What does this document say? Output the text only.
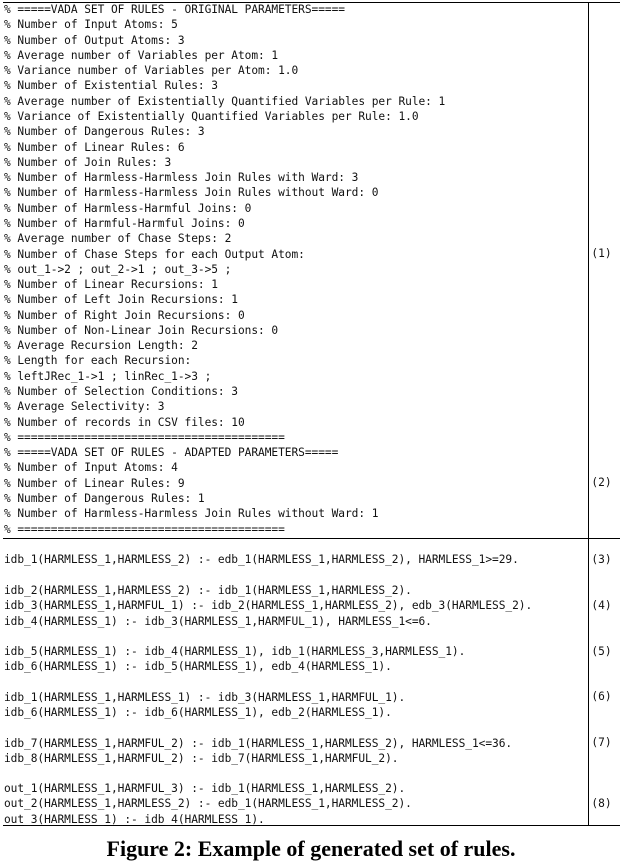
% =====VADA SET OF RULES - ORIGINAL PARAMETERS=====
% Number of Input Atoms: 5
% Number of Output Atoms: 3
% Average number of Variables per Atom: 1
% Variance number of Variables per Atom: 1.0
% Number of Existential Rules: 3
% Average number of Existentially Quantified Variables per Rule: 1
% Variance of Existentially Quantified Variables per Rule: 1.0
% Number of Dangerous Rules: 3
% Number of Linear Rules: 6
% Number of Join Rules: 3
% Number of Harmless-Harmless Join Rules with Ward: 3
% Number of Harmless-Harmless Join Rules without Ward: 0
% Number of Harmless-Harmful Joins: 0
% Number of Harmful-Harmful Joins: 0
% Average number of Chase Steps: 2
% Number of Chase Steps for each Output Atom:
% out_1->2 ; out_2->1 ; out_3->5 ;
% Number of Linear Recursions: 1
% Number of Left Join Recursions: 1
% Number of Right Join Recursions: 0
% Number of Non-Linear Join Recursions: 0
% Average Recursion Length: 2
% Length for each Recursion:
% leftJRec_1->1 ; linRec_1->3 ;
% Number of Selection Conditions: 3
% Average Selectivity: 3
% Number of records in CSV files: 10
% ========================================
% =====VADA SET OF RULES - ADAPTED PARAMETERS=====
% Number of Input Atoms: 4
% Number of Linear Rules: 9
% Number of Dangerous Rules: 1
% Number of Harmless-Harmless Join Rules without Ward: 1
% ========================================
idb_1(HARMLESS_1,HARMLESS_2) :- edb_1(HARMLESS_1,HARMLESS_2), HARMLESS_1>=29.
idb_2(HARMLESS_1,HARMLESS_2) :- idb_1(HARMLESS_1,HARMLESS_2).
idb_3(HARMLESS_1,HARMFUL_1) :- idb_2(HARMLESS_1,HARMLESS_2), edb_3(HARMLESS_2).
idb_4(HARMLESS_1) :- idb_3(HARMLESS_1,HARMFUL_1), HARMLESS_1<=6.
idb_5(HARMLESS_1) :- idb_4(HARMLESS_1), idb_1(HARMLESS_3,HARMLESS_1).
idb_6(HARMLESS_1) :- idb_5(HARMLESS_1), edb_4(HARMLESS_1).
idb_1(HARMLESS_1,HARMLESS_1) :- idb_3(HARMLESS_1,HARMFUL_1).
idb_6(HARMLESS_1) :- idb_6(HARMLESS_1), edb_2(HARMLESS_1).
idb_7(HARMLESS_1,HARMFUL_2) :- idb_1(HARMLESS_1,HARMLESS_2), HARMLESS_1<=36.
idb_8(HARMLESS_1,HARMFUL_2) :- idb_7(HARMLESS_1,HARMFUL_2).
out_1(HARMLESS_1,HARMFUL_3) :- idb_1(HARMLESS_1,HARMLESS_2).
out_2(HARMLESS_1,HARMLESS_2) :- edb_1(HARMLESS_1,HARMLESS_2).
out_3(HARMLESS_1) :- idb_4(HARMLESS_1).
(1)
(2)
(3)
(4)
(5)
(6)
(7)
(8)
Figure 2: Example of generated set of rules.
